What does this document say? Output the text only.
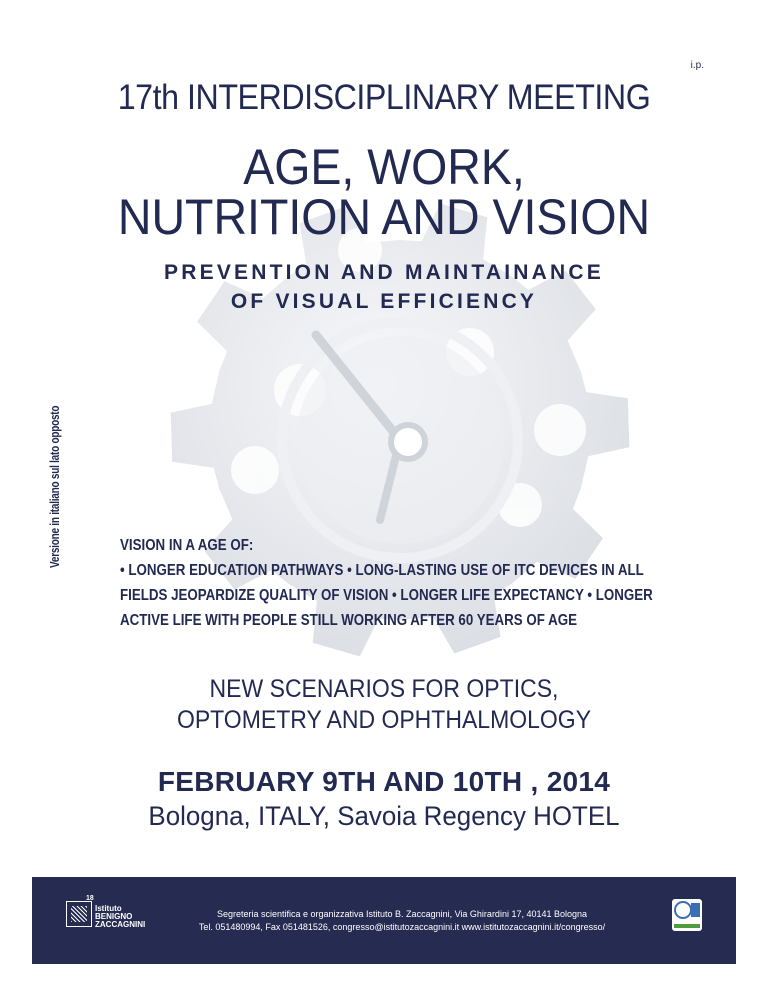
i.p.
Versione in italiano sul lato opposto
17th INTERDISCIPLINARY MEETING
AGE, WORK,
NUTRITION AND VISION
PREVENTION AND MAINTAINANCE
OF VISUAL EFFICIENCY
VISION IN A AGE OF:
• LONGER EDUCATION PATHWAYS • LONG-LASTING USE OF ITC DEVICES IN ALL
FIELDS JEOPARDIZE QUALITY OF VISION • LONGER LIFE EXPECTANCY • LONGER
ACTIVE LIFE WITH PEOPLE STILL WORKING AFTER 60 YEARS OF AGE
NEW SCENARIOS FOR OPTICS,
OPTOMETRY AND OPHTHALMOLOGY
FEBRUARY 9TH AND 10TH , 2014
Bologna, ITALY, Savoia Regency HOTEL
18
Istituto
BENIGNO
ZACCAGNINI
Segreteria scientifica e organizzativa Istituto B. Zaccagnini, Via Ghirardini 17, 40141 Bologna
Tel. 051480994, Fax 051481526, congresso@istitutozaccagnini.it www.istitutozaccagnini.it/congresso/
